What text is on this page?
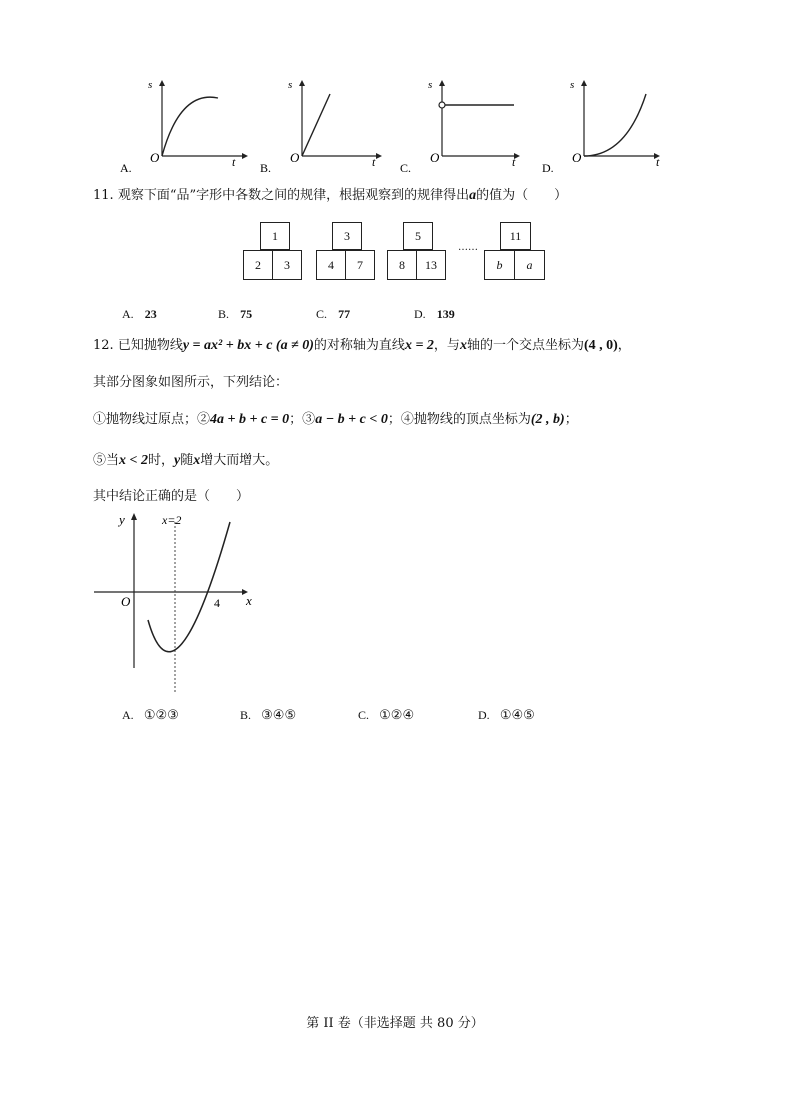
s
O	t
A.
s
O	t
B.
s
O	t
C.
s
O	t
D.
11. 观察下面“品”字形中各数之间的规律，根据观察到的规律得出a的值为（　　）
1
2	3
3
4	7
5
8	13
……
11
b	a
A. 23	B. 75	C. 77	D. 139
12. 已知抛物线y = ax² + bx + c (a ≠ 0)的对称轴为直线x = 2，与x轴的一个交点坐标为(4 , 0)，
其部分图象如图所示，下列结论：
①抛物线过原点；②4a + b + c = 0；③a − b + c < 0；④抛物线的顶点坐标为(2 , b)；
⑤当x < 2时，y随x增大而增大。
其中结论正确的是（　　）
y	x=2
O	4 x
A. ①②③	B. ③④⑤	C. ①②④	D. ①④⑤
第 II 卷（非选择题 共 80 分）
